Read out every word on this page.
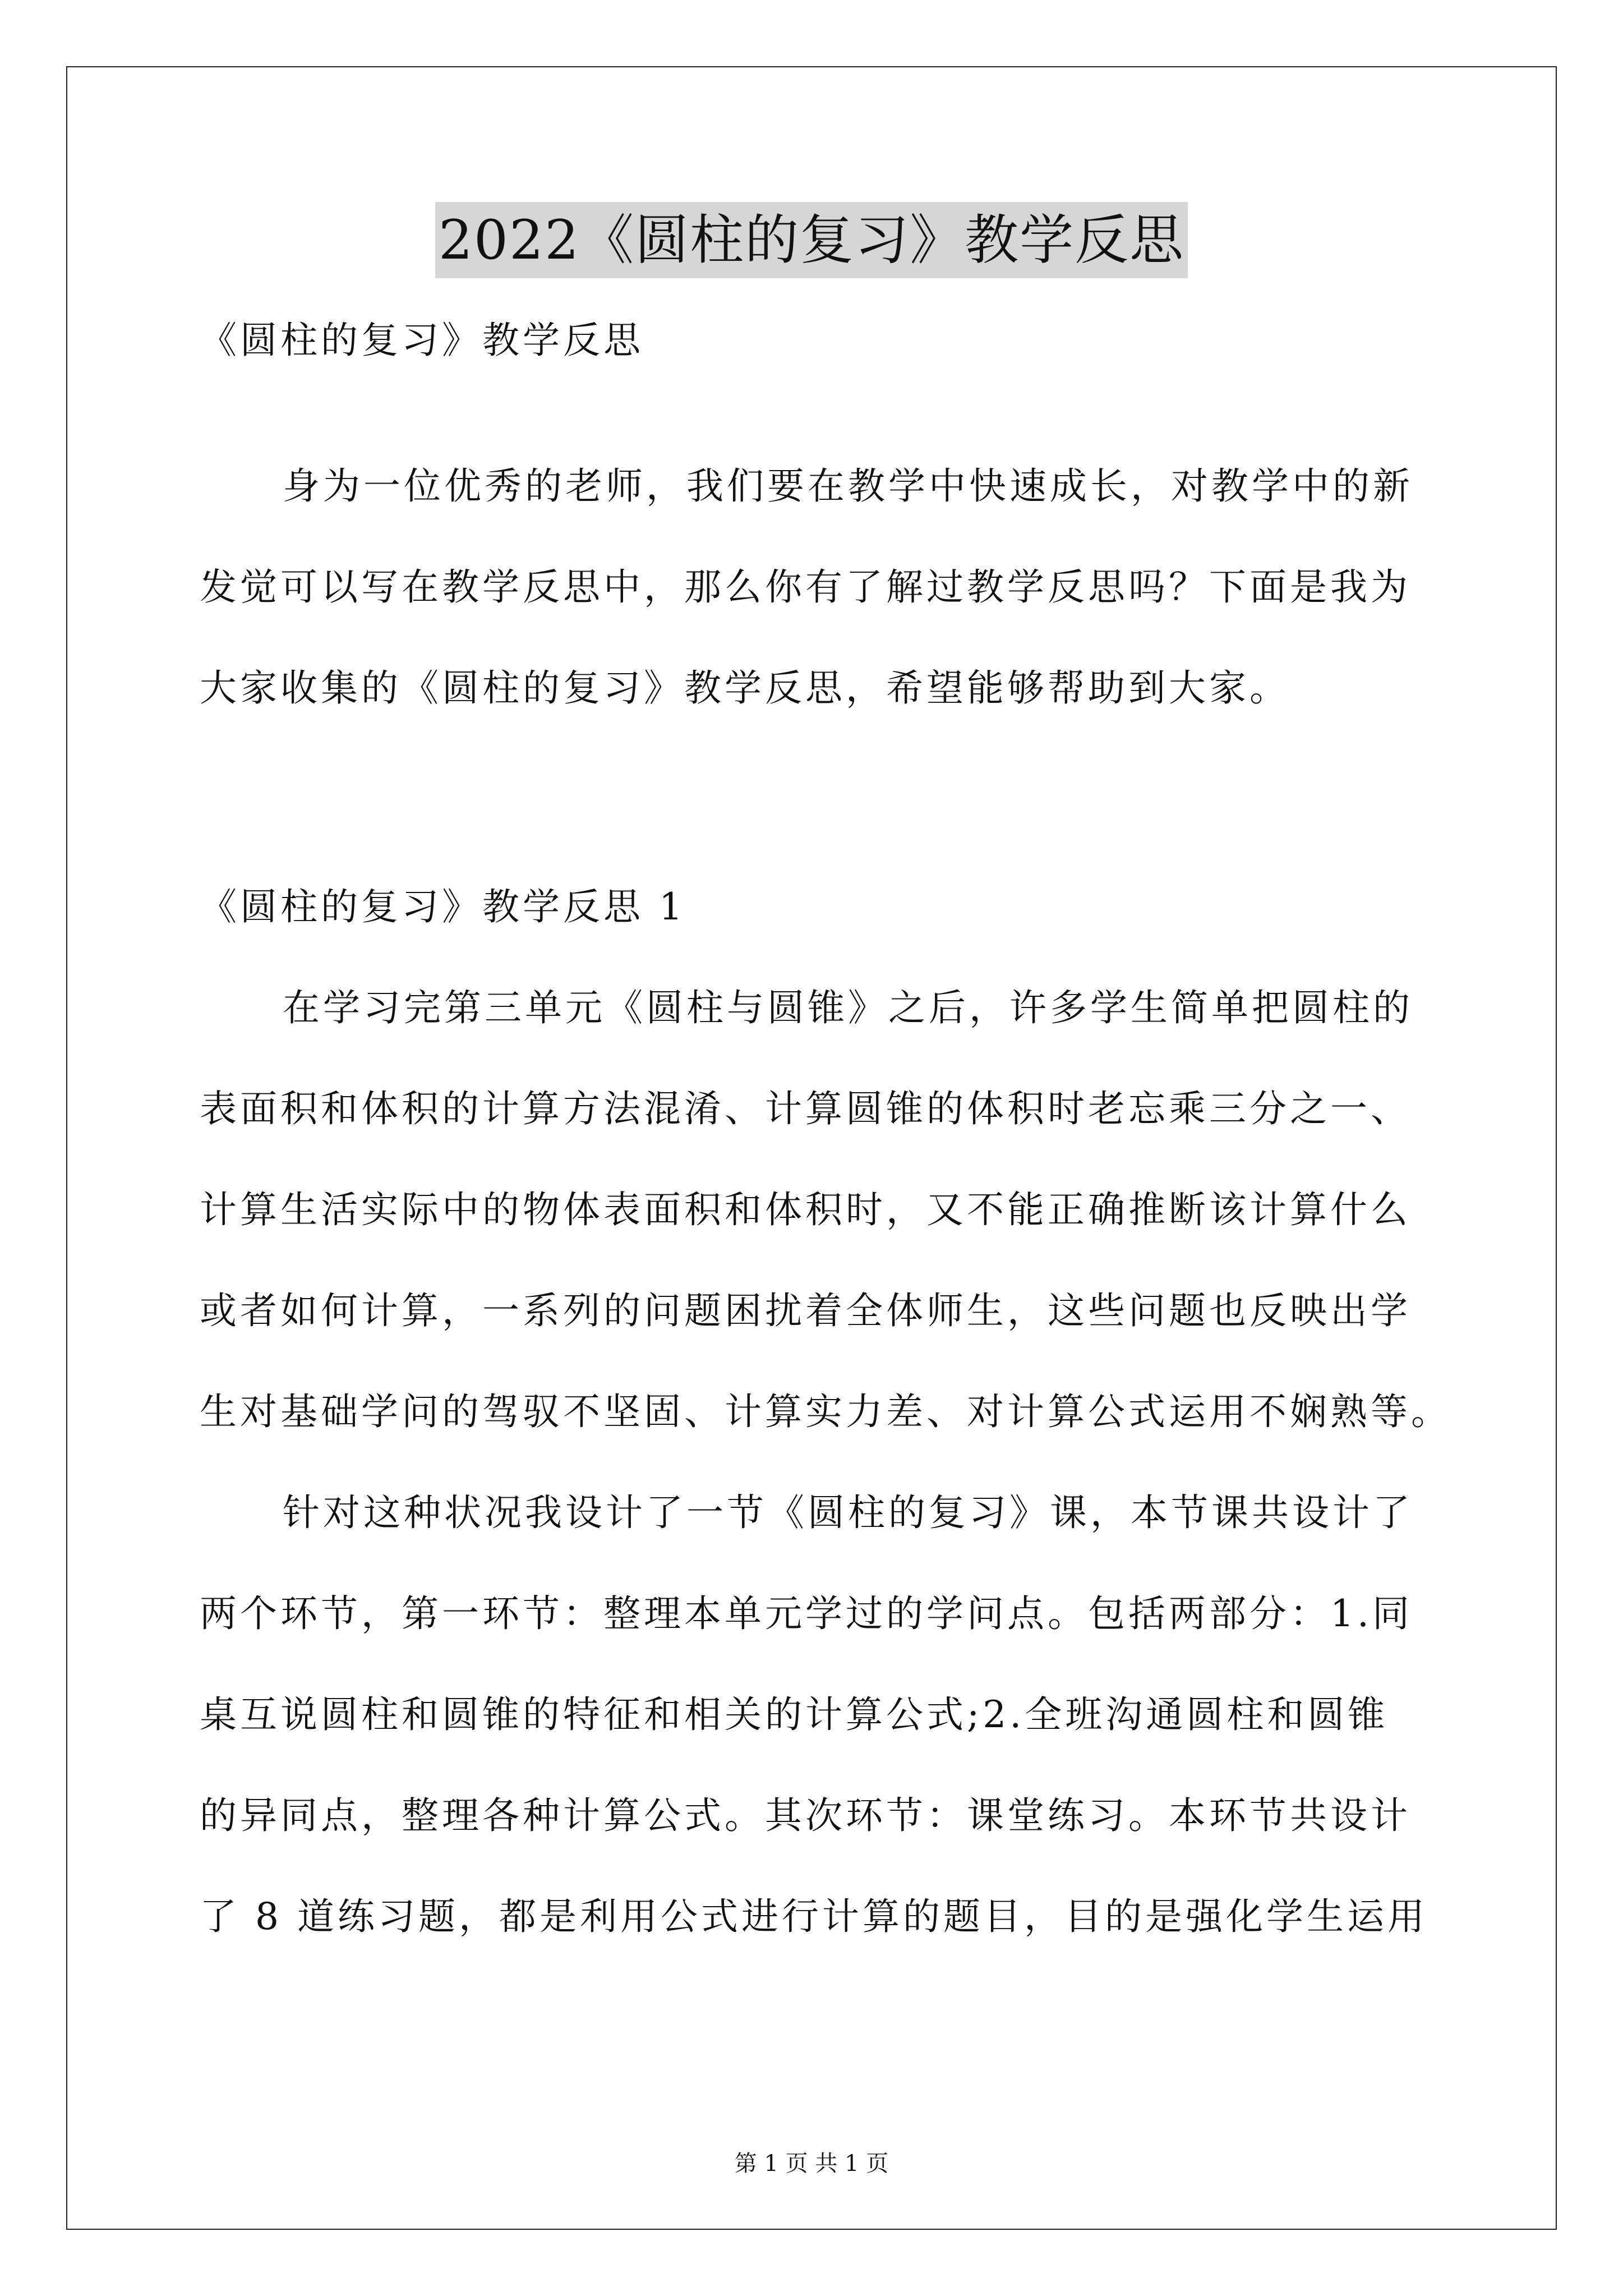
2022《圆柱的复习》教学反思
《圆柱的复习》教学反思
身为一位优秀的老师，我们要在教学中快速成长，对教学中的新
发觉可以写在教学反思中，那么你有了解过教学反思吗？下面是我为
大家收集的《圆柱的复习》教学反思，希望能够帮助到大家。
《圆柱的复习》教学反思 1
在学习完第三单元《圆柱与圆锥》之后，许多学生简单把圆柱的
表面积和体积的计算方法混淆、计算圆锥的体积时老忘乘三分之一、
计算生活实际中的物体表面积和体积时，又不能正确推断该计算什么
或者如何计算，一系列的问题困扰着全体师生，这些问题也反映出学
生对基础学问的驾驭不坚固、计算实力差、对计算公式运用不娴熟等。
针对这种状况我设计了一节《圆柱的复习》课，本节课共设计了
两个环节，第一环节：整理本单元学过的学问点。包括两部分：1.同
桌互说圆柱和圆锥的特征和相关的计算公式;2.全班沟通圆柱和圆锥
的异同点，整理各种计算公式。其次环节：课堂练习。本环节共设计
了 8 道练习题，都是利用公式进行计算的题目，目的是强化学生运用
第 1 页 共 1 页
